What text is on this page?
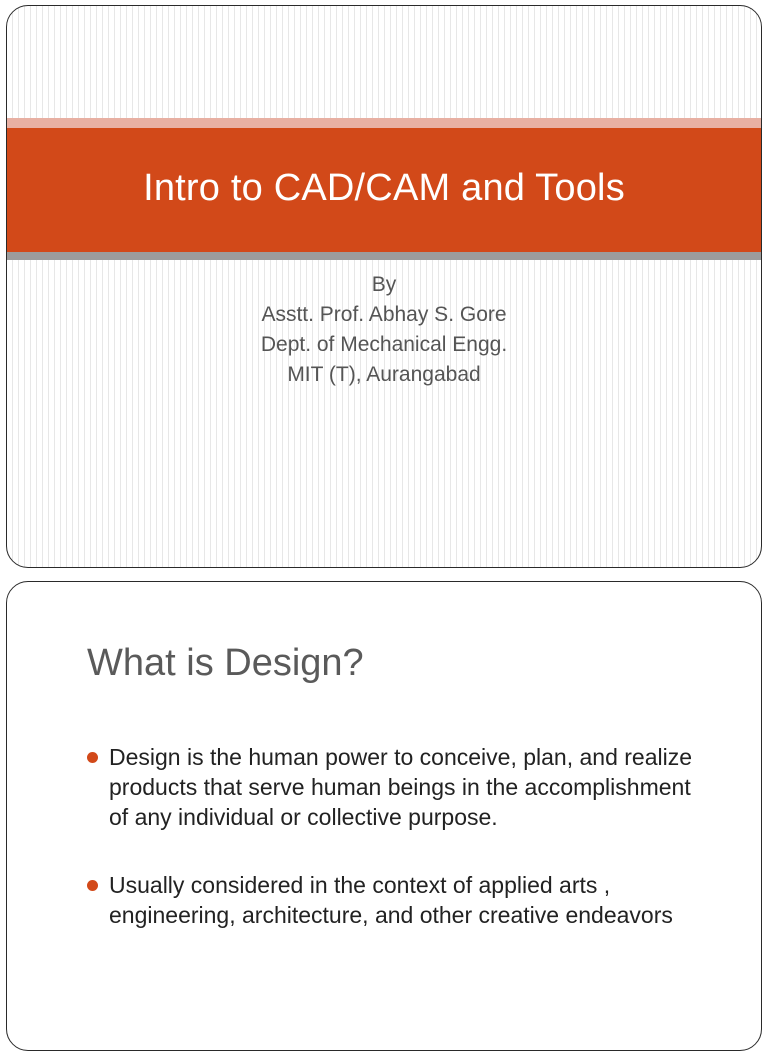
Intro to CAD/CAM and Tools
By
Asstt. Prof. Abhay S. Gore
Dept. of Mechanical Engg.
MIT (T), Aurangabad
What is Design?
Design is the human power to conceive, plan, and realize products that serve human beings in the accomplishment of any individual or collective purpose.
Usually considered in the context of applied arts , engineering, architecture, and other creative endeavors
